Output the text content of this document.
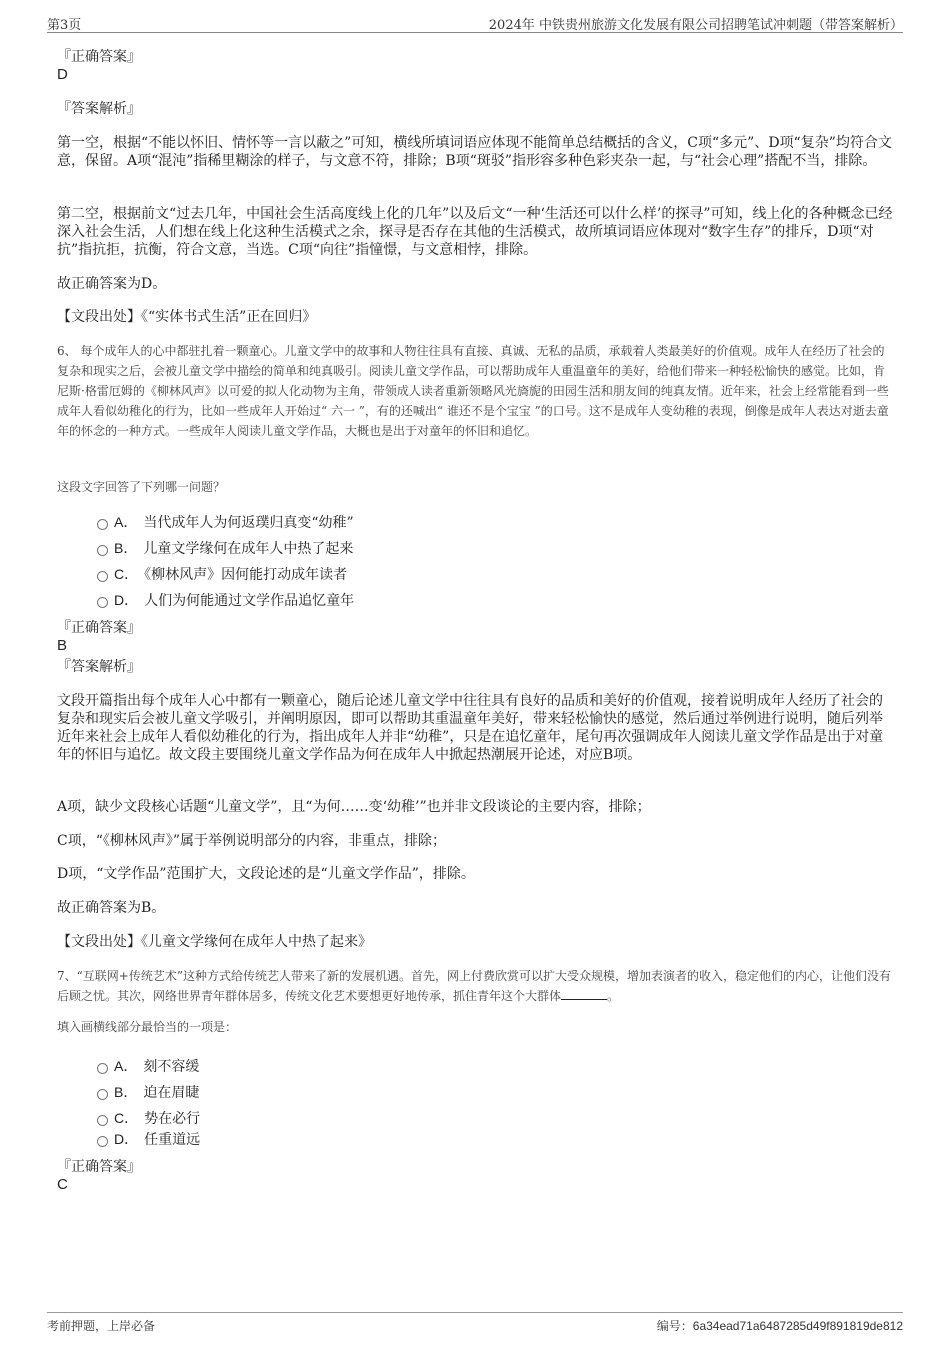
第3页	2024年 中铁贵州旅游文化发展有限公司招聘笔试冲刺题（带答案解析）
『正确答案』
D
『答案解析』

第一空，根据“不能以怀旧、情怀等一言以蔽之”可知，横线所填词语应体现不能简单总结概括的含义，C项“多元”、D项“复杂”均符合文意，保留。A项“混沌”指稀里糊涂的样子，与文意不符，排除；B项“斑驳”指形容多种色彩夹杂一起，与“社会心理”搭配不当，排除。

第二空，根据前文“过去几年，中国社会生活高度线上化的几年”以及后文“一种‘生活还可以什么样’的探寻”可知，线上化的各种概念已经深入社会生活，人们想在线上化这种生活模式之余，探寻是否存在其他的生活模式，故所填词语应体现对“数字生存”的排斥，D项“对抗”指抗拒，抗衡，符合文意，当选。C项“向往”指憧憬，与文意相悖，排除。

故正确答案为D。

【文段出处】《“实体书式生活”正在回归》

6、 每个成年人的心中都驻扎着一颗童心。儿童文学中的故事和人物往往具有直接、真诚、无私的品质，承载着人类最美好的价值观。成年人在经历了社会的复杂和现实之后，会被儿童文学中描绘的简单和纯真吸引。阅读儿童文学作品，可以帮助成年人重温童年的美好，给他们带来一种轻松愉快的感觉。比如，肯尼斯·格雷厄姆的《柳林风声》以可爱的拟人化动物为主角，带领成人读者重新领略风光旖旎的田园生活和朋友间的纯真友情。近年来，社会上经常能看到一些成年人看似幼稚化的行为，比如一些成年人开始过“ 六一 ”，有的还喊出“ 谁还不是个宝宝 ”的口号。这不是成年人变幼稚的表现，倒像是成年人表达对逝去童年的怀念的一种方式。一些成年人阅读儿童文学作品，大概也是出于对童年的怀旧和追忆。

这段文字回答了下列哪一问题？

A． 当代成年人为何返璞归真变“幼稚”
B． 儿童文学缘何在成年人中热了起来
C． 《柳林风声》因何能打动成年读者
D． 人们为何能通过文学作品追忆童年
『正确答案』
B
『答案解析』

文段开篇指出每个成年人心中都有一颗童心，随后论述儿童文学中往往具有良好的品质和美好的价值观，接着说明成年人经历了社会的复杂和现实后会被儿童文学吸引，并阐明原因，即可以帮助其重温童年美好，带来轻松愉快的感觉，然后通过举例进行说明，随后列举近年来社会上成年人看似幼稚化的行为，指出成年人并非“幼稚”，只是在追忆童年，尾句再次强调成年人阅读儿童文学作品是出于对童年的怀旧与追忆。故文段主要围绕儿童文学作品为何在成年人中掀起热潮展开论述，对应B项。

A项，缺少文段核心话题“儿童文学”，且“为何……变‘幼稚’”也并非文段谈论的主要内容，排除；

C项，“《柳林风声》”属于举例说明部分的内容，非重点，排除；

D项，“文学作品”范围扩大，文段论述的是“儿童文学作品”，排除。

故正确答案为B。

【文段出处】《儿童文学缘何在成年人中热了起来》

7、“互联网+传统艺术”这种方式给传统艺人带来了新的发展机遇。首先，网上付费欣赏可以扩大受众规模，增加表演者的收入，稳定他们的内心，让他们没有后顾之忧。其次，网络世界青年群体居多，传统文化艺术要想更好地传承，抓住青年这个大群体	。

填入画横线部分最恰当的一项是：

A． 刻不容缓
B． 迫在眉睫
C． 势在必行
D． 任重道远
『正确答案』
C
考前押题，上岸必备	编号：6a34ead71a6487285d49f891819de812
